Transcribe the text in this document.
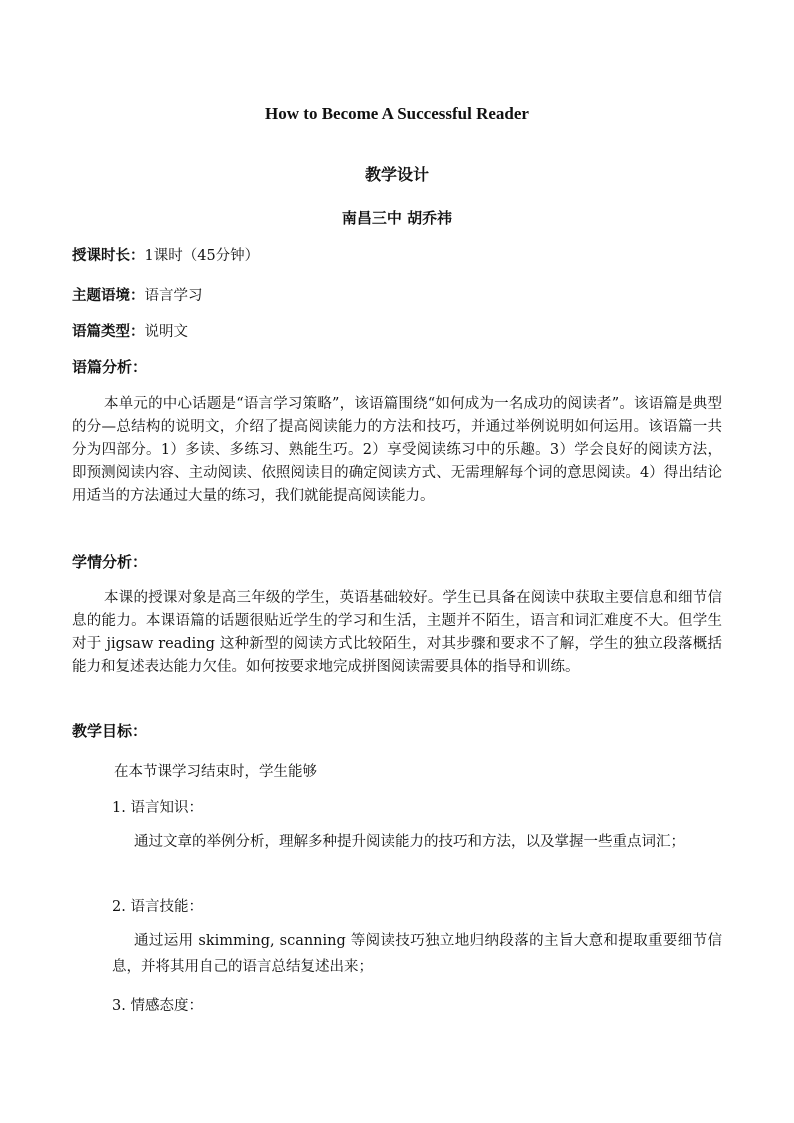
How to Become A Successful Reader
教学设计
南昌三中 胡乔祎
授课时长：1课时（45分钟）
主题语境：语言学习
语篇类型：说明文
语篇分析：
本单元的中心话题是“语言学习策略”，该语篇围绕“如何成为一名成功的阅读者”。该语篇是典型的分—总结构的说明文，介绍了提高阅读能力的方法和技巧，并通过举例说明如何运用。该语篇一共分为四部分。1）多读、多练习、熟能生巧。2）享受阅读练习中的乐趣。3）学会良好的阅读方法，即预测阅读内容、主动阅读、依照阅读目的确定阅读方式、无需理解每个词的意思阅读。4）得出结论用适当的方法通过大量的练习，我们就能提高阅读能力。
学情分析：
本课的授课对象是高三年级的学生，英语基础较好。学生已具备在阅读中获取主要信息和细节信息的能力。本课语篇的话题很贴近学生的学习和生活，主题并不陌生，语言和词汇难度不大。但学生对于 jigsaw reading 这种新型的阅读方式比较陌生，对其步骤和要求不了解，学生的独立段落概括能力和复述表达能力欠佳。如何按要求地完成拼图阅读需要具体的指导和训练。
教学目标：
在本节课学习结束时，学生能够
1. 语言知识：
通过文章的举例分析，理解多种提升阅读能力的技巧和方法，以及掌握一些重点词汇；
2. 语言技能：
通过运用 skimming, scanning 等阅读技巧独立地归纳段落的主旨大意和提取重要细节信息，并将其用自己的语言总结复述出来；
3. 情感态度：
